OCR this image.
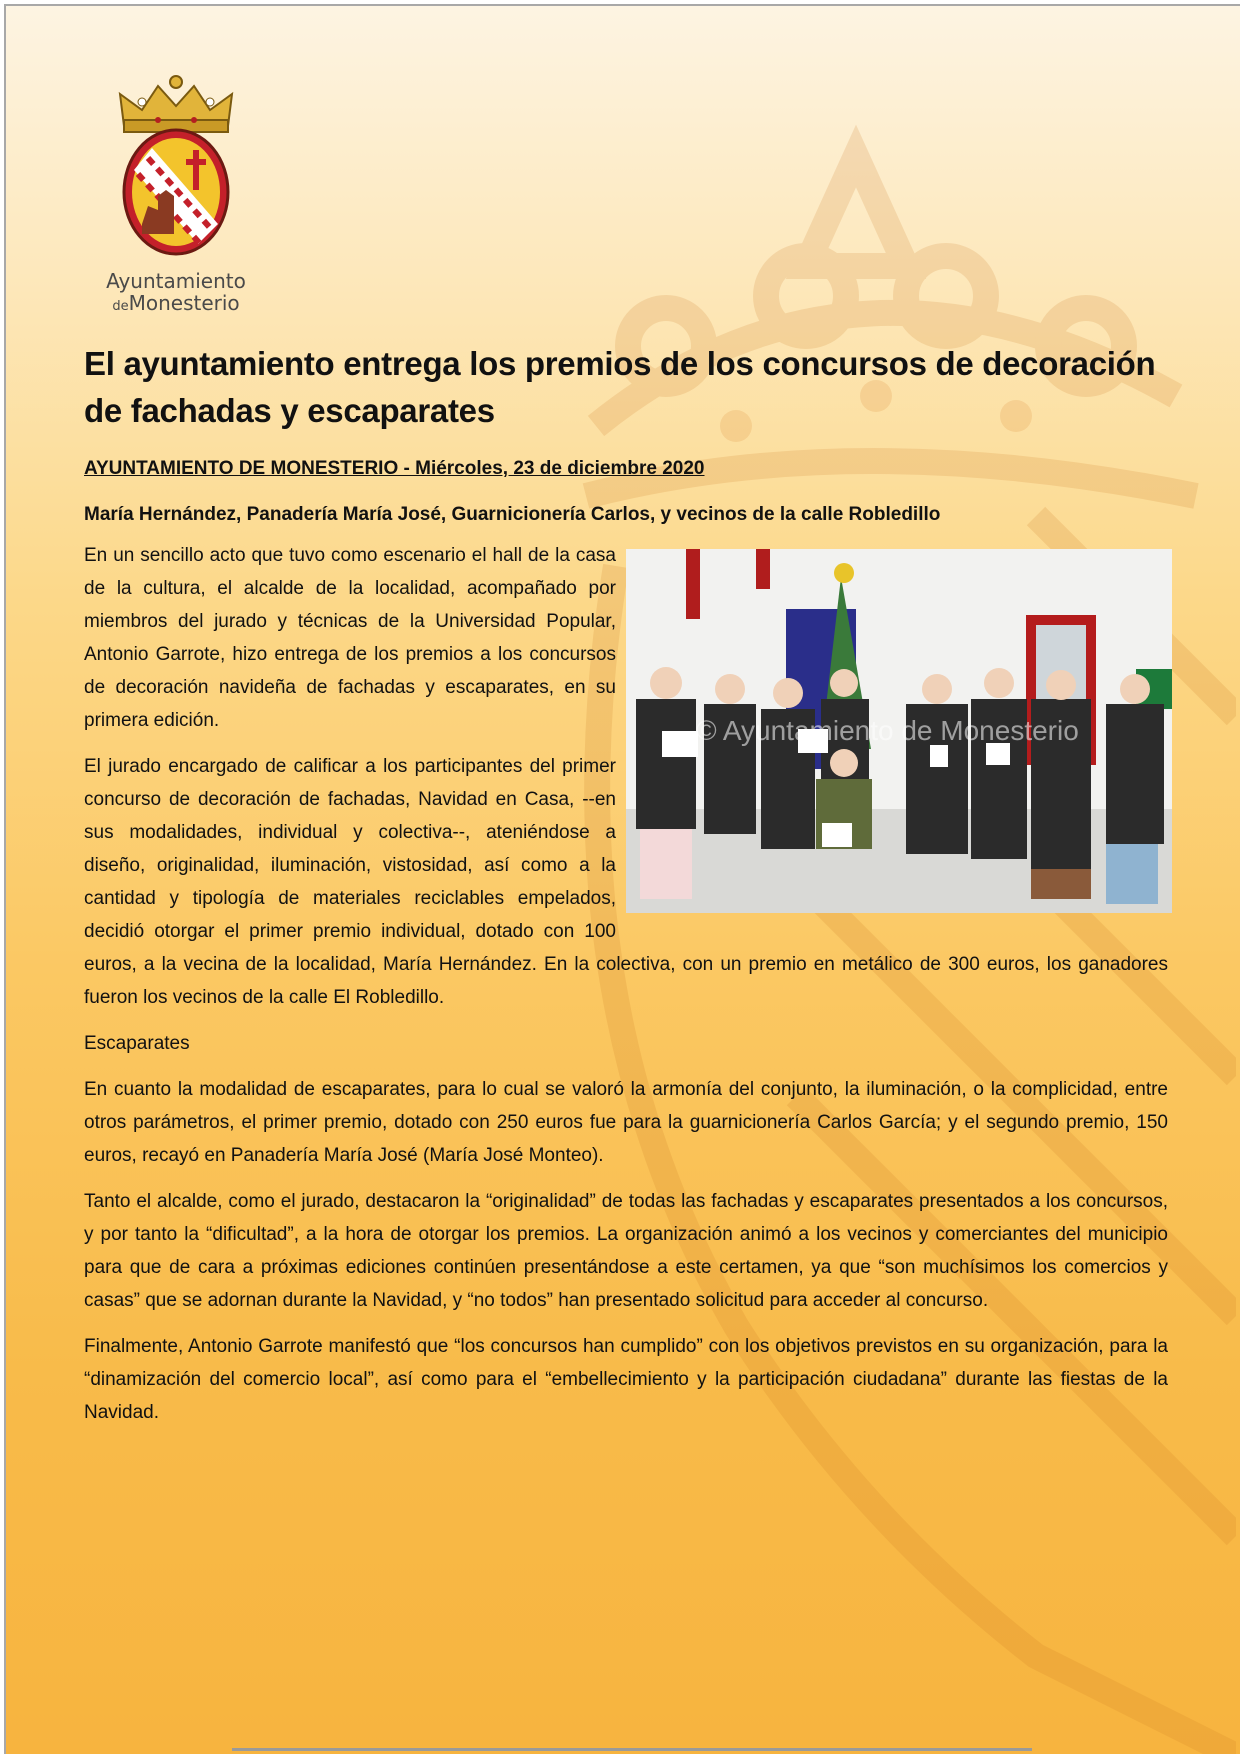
Ayuntamiento
deMonesterio
El ayuntamiento entrega los premios de los concursos de decoración de fachadas y escaparates
AYUNTAMIENTO DE MONESTERIO - Miércoles, 23 de diciembre 2020
María Hernández, Panadería María José, Guarnicionería Carlos, y vecinos de la calle Robledillo
© Ayuntamiento de Monesterio

En un sencillo acto que tuvo como escenario el hall de la casa de la cultura, el alcalde de la localidad, acompañado por miembros del jurado y técnicas de la Universidad Popular, Antonio Garrote, hizo entrega de los premios a los concursos de decoración navideña de fachadas y escaparates, en su primera edición.

El jurado encargado de calificar a los participantes del primer concurso de decoración de fachadas, Navidad en Casa, --en sus modalidades, individual y colectiva--, ateniéndose a diseño, originalidad, iluminación, vistosidad, así como a la cantidad y tipología de materiales reciclables empelados, decidió otorgar el primer premio individual, dotado con 100 euros, a la vecina de la localidad, María Hernández. En la colectiva, con un premio en metálico de 300 euros, los ganadores fueron los vecinos de la calle El Robledillo.

Escaparates

En cuanto la modalidad de escaparates, para lo cual se valoró la armonía del conjunto, la iluminación, o la complicidad, entre otros parámetros, el primer premio, dotado con 250 euros fue para la guarnicionería Carlos García; y el segundo premio, 150 euros, recayó en Panadería María José (María José Monteo).

Tanto el alcalde, como el jurado, destacaron la “originalidad” de todas las fachadas y escaparates presentados a los concursos, y por tanto la “dificultad”, a la hora de otorgar los premios. La organización animó a los vecinos y comerciantes del municipio para que de cara a próximas ediciones continúen presentándose a este certamen, ya que “son muchísimos los comercios y casas” que se adornan durante la Navidad, y “no todos” han presentado solicitud para acceder al concurso.

Finalmente, Antonio Garrote manifestó que “los concursos han cumplido” con los objetivos previstos en su organización, para la “dinamización del comercio local”, así como para el “embellecimiento y la participación ciudadana” durante las fiestas de la Navidad.
